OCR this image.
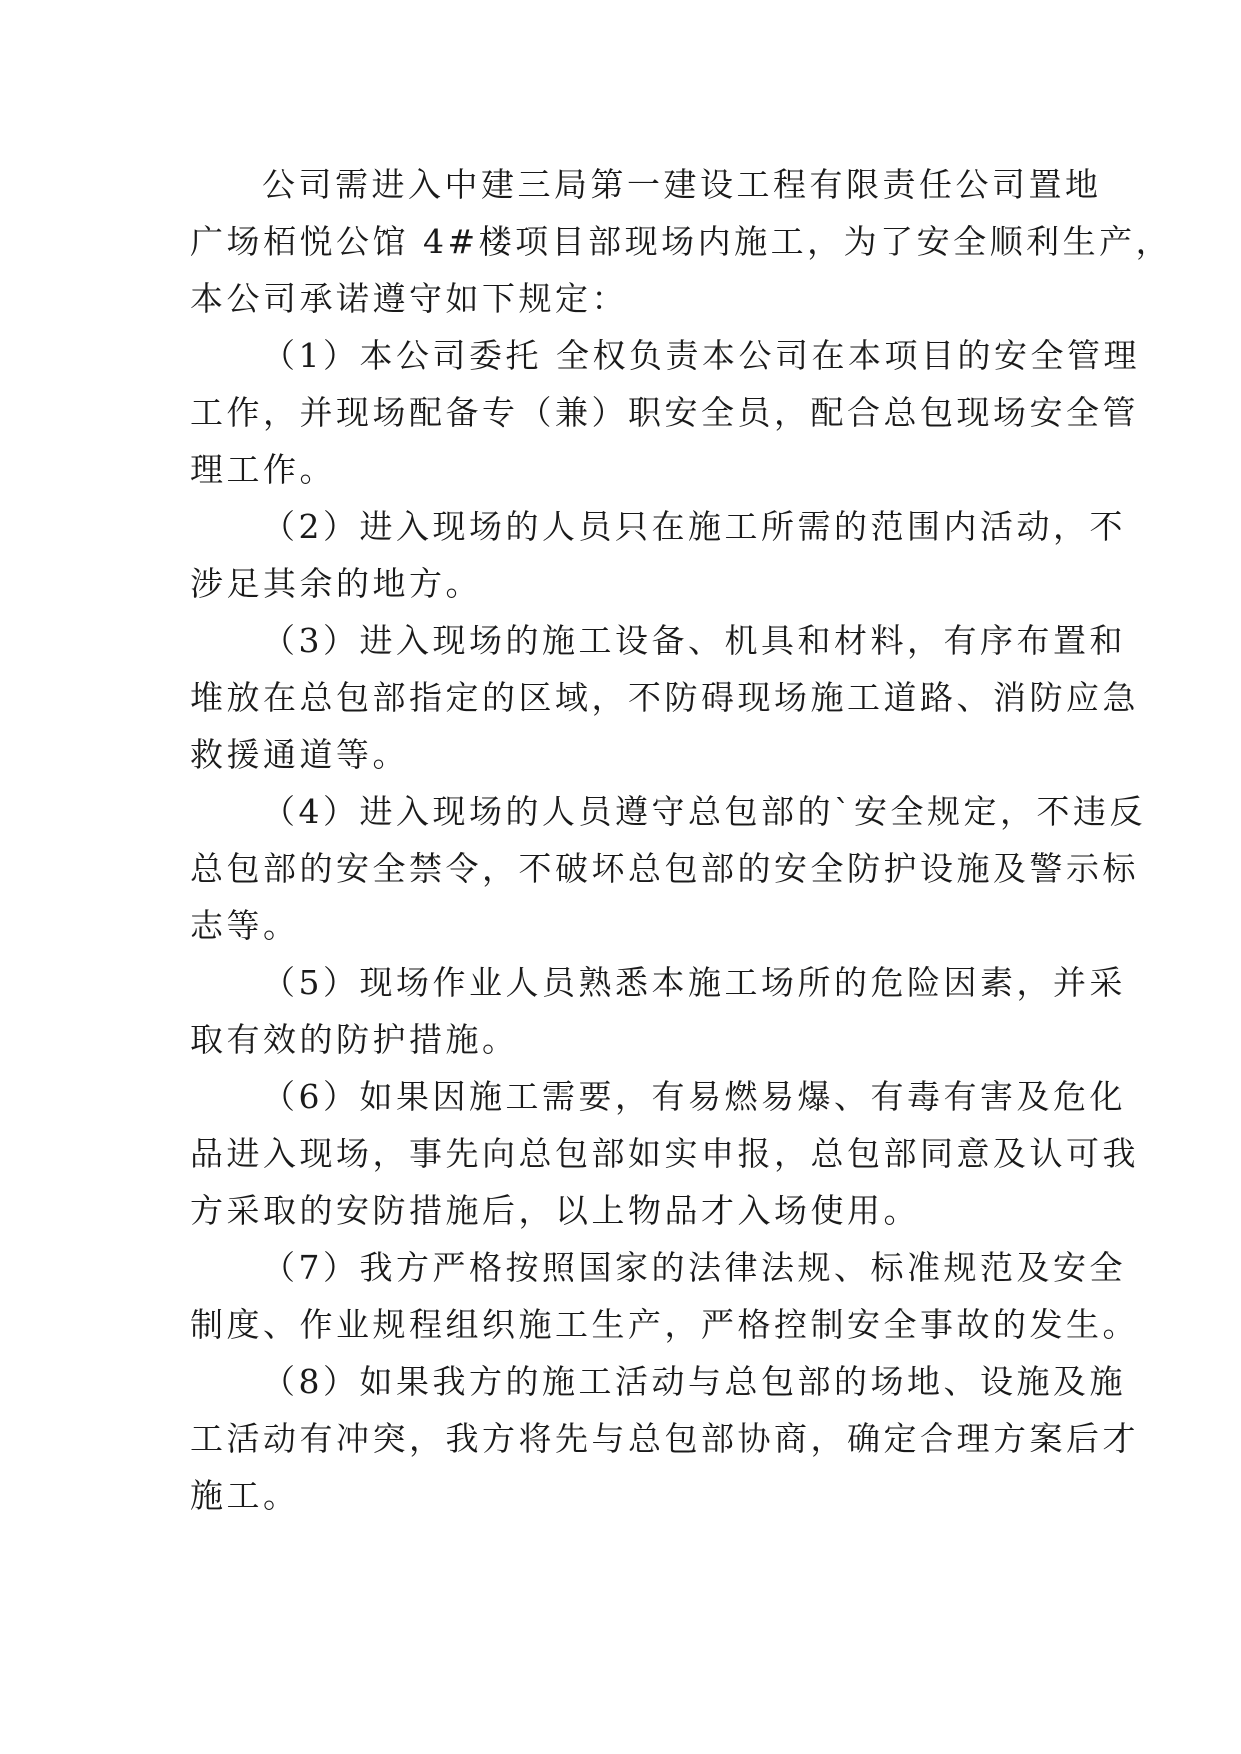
公司需进入中建三局第一建设工程有限责任公司置地

广场栢悦公馆 4#楼项目部现场内施工，为了安全顺利生产，

本公司承诺遵守如下规定：

（1）本公司委托 全权负责本公司在本项目的安全管理

工作，并现场配备专（兼）职安全员，配合总包现场安全管

理工作。

（2）进入现场的人员只在施工所需的范围内活动，不

涉足其余的地方。

（3）进入现场的施工设备、机具和材料，有序布置和

堆放在总包部指定的区域，不防碍现场施工道路、消防应急

救援通道等。

（4）进入现场的人员遵守总包部的`安全规定，不违反

总包部的安全禁令，不破坏总包部的安全防护设施及警示标

志等。

（5）现场作业人员熟悉本施工场所的危险因素，并采

取有效的防护措施。

（6）如果因施工需要，有易燃易爆、有毒有害及危化

品进入现场，事先向总包部如实申报，总包部同意及认可我

方采取的安防措施后，以上物品才入场使用。

（7）我方严格按照国家的法律法规、标准规范及安全

制度、作业规程组织施工生产，严格控制安全事故的发生。

（8）如果我方的施工活动与总包部的场地、设施及施

工活动有冲突，我方将先与总包部协商，确定合理方案后才

施工。
